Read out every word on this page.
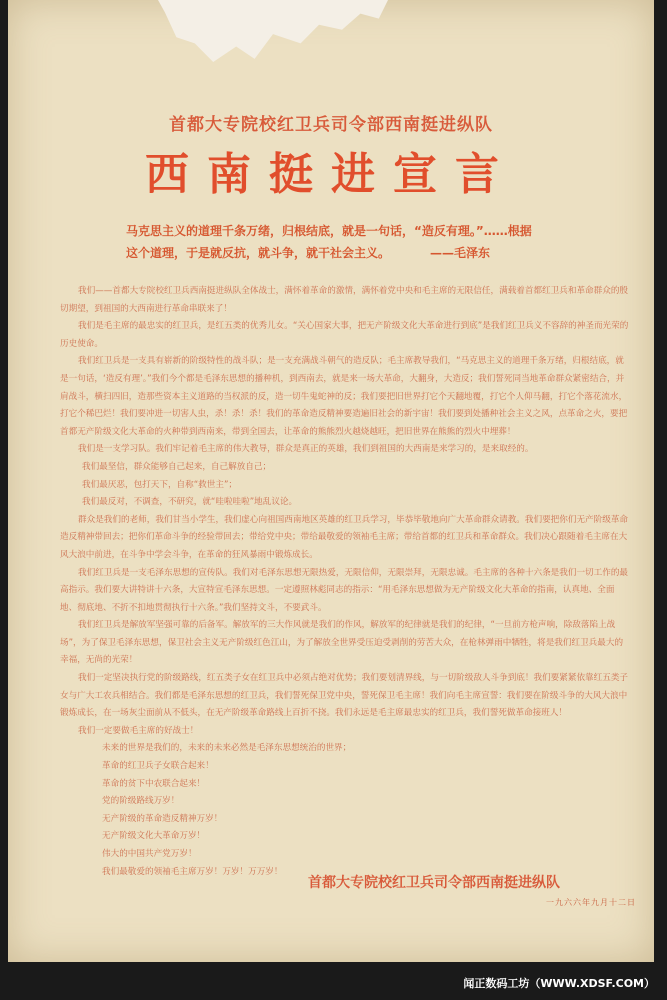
首都大专院校红卫兵司令部西南挺进纵队
西南挺进宣言
马克思主义的道理千条万绪，归根结底，就是一句话，“造反有理。”……根据
这个道理，于是就反抗，就斗争，就干社会主义。	——毛泽东

我们——首都大专院校红卫兵西南挺进纵队全体战士，满怀着革命的激情，满怀着党中央和毛主席的无限信任，满载着首都红卫兵和革命群众的殷切期望，到祖国的大西南进行革命串联来了！

我们是毛主席的最忠实的红卫兵，是红五类的优秀儿女。“关心国家大事，把无产阶级文化大革命进行到底”是我们红卫兵义不容辞的神圣而光荣的历史使命。

我们红卫兵是一支具有崭新的阶级特性的战斗队；是一支充满战斗朝气的造反队；毛主席教导我们，“马克思主义的道理千条万绪，归根结底，就是一句话，‘造反有理’。”我们今个都是毛泽东思想的播种机，到西南去，就是来一场大革命，大翻身，大造反；我们誓死同当地革命群众紧密结合，并肩战斗，横扫四旧，造那些资本主义道路的当权派的反，造一切牛鬼蛇神的反；我们要把旧世界打它个天翻地覆，打它个人仰马翻，打它个落花流水，打它个稀巴烂！我们要冲进一切害人虫，杀！杀！杀！我们的革命造反精神要造遍旧社会的新宇宙！我们要到处播种社会主义之风，点革命之火，要把首都无产阶级文化大革命的火种带到西南来，带到全国去，让革命的熊熊烈火越烧越旺，把旧世界在熊熊的烈火中埋葬！

我们是一支学习队。我们牢记着毛主席的伟大教导，群众是真正的英雄，我们到祖国的大西南是来学习的，是来取经的。

我们最坚信，群众能够自己起来，自己解放自己；

我们最厌恶，包打天下，自称“救世主”；

我们最反对，不调查，不研究，就“哇啦哇啦”地乱议论。

群众是我们的老师，我们甘当小学生，我们虚心向祖国西南地区英雄的红卫兵学习，毕恭毕敬地向广大革命群众请教。我们要把你们无产阶级革命造反精神带回去；把你们革命斗争的经验带回去；带给党中央；带给最敬爱的领袖毛主席；带给首都的红卫兵和革命群众。我们决心跟随着毛主席在大风大浪中前进，在斗争中学会斗争，在革命的狂风暴雨中锻炼成长。

我们红卫兵是一支毛泽东思想的宣传队。我们对毛泽东思想无限热爱，无限信仰，无限崇拜，无限忠诚。毛主席的各种十六条是我们一切工作的最高指示。我们要大讲特讲十六条，大宣特宣毛泽东思想。一定遵照林彪同志的指示：“用毛泽东思想做为无产阶级文化大革命的指南，认真地、全面地、彻底地、不折不扣地贯彻执行十六条。”我们坚持文斗，不要武斗。

我们红卫兵是解放军坚强可靠的后备军。解放军的三大作风就是我们的作风，解放军的纪律就是我们的纪律，“一旦前方枪声响，除敌落陷上战场”，为了保卫毛泽东思想，保卫社会主义无产阶级红色江山，为了解放全世界受压迫受剥削的劳苦大众，在枪林弹雨中牺牲，将是我们红卫兵最大的幸福，无尚的光荣！

我们一定坚决执行党的阶级路线，红五类子女在红卫兵中必须占绝对优势；我们要划清界线，与一切阶级敌人斗争到底！我们要紧紧依靠红五类子女与广大工农兵相结合。我们都是毛泽东思想的红卫兵，我们誓死保卫党中央，誓死保卫毛主席！我们向毛主席宣誓：我们要在阶级斗争的大风大浪中锻炼成长，在一场灰尘面前从不低头，在无产阶级革命路线上百折不挠。我们永远是毛主席最忠实的红卫兵，我们誓死做革命接班人！

我们一定要做毛主席的好战士！

未来的世界是我们的，未来的未来必然是毛泽东思想统治的世界；
革命的红卫兵子女联合起来！
革命的贫下中农联合起来！
党的阶级路线万岁！
无产阶级的革命造反精神万岁！
无产阶级文化大革命万岁！
伟大的中国共产党万岁！
我们最敬爱的领袖毛主席万岁！万岁！万万岁！
首都大专院校红卫兵司令部西南挺进纵队
一九六六年九月十二日
闻正数码工坊（WWW.XDSF.COM）
